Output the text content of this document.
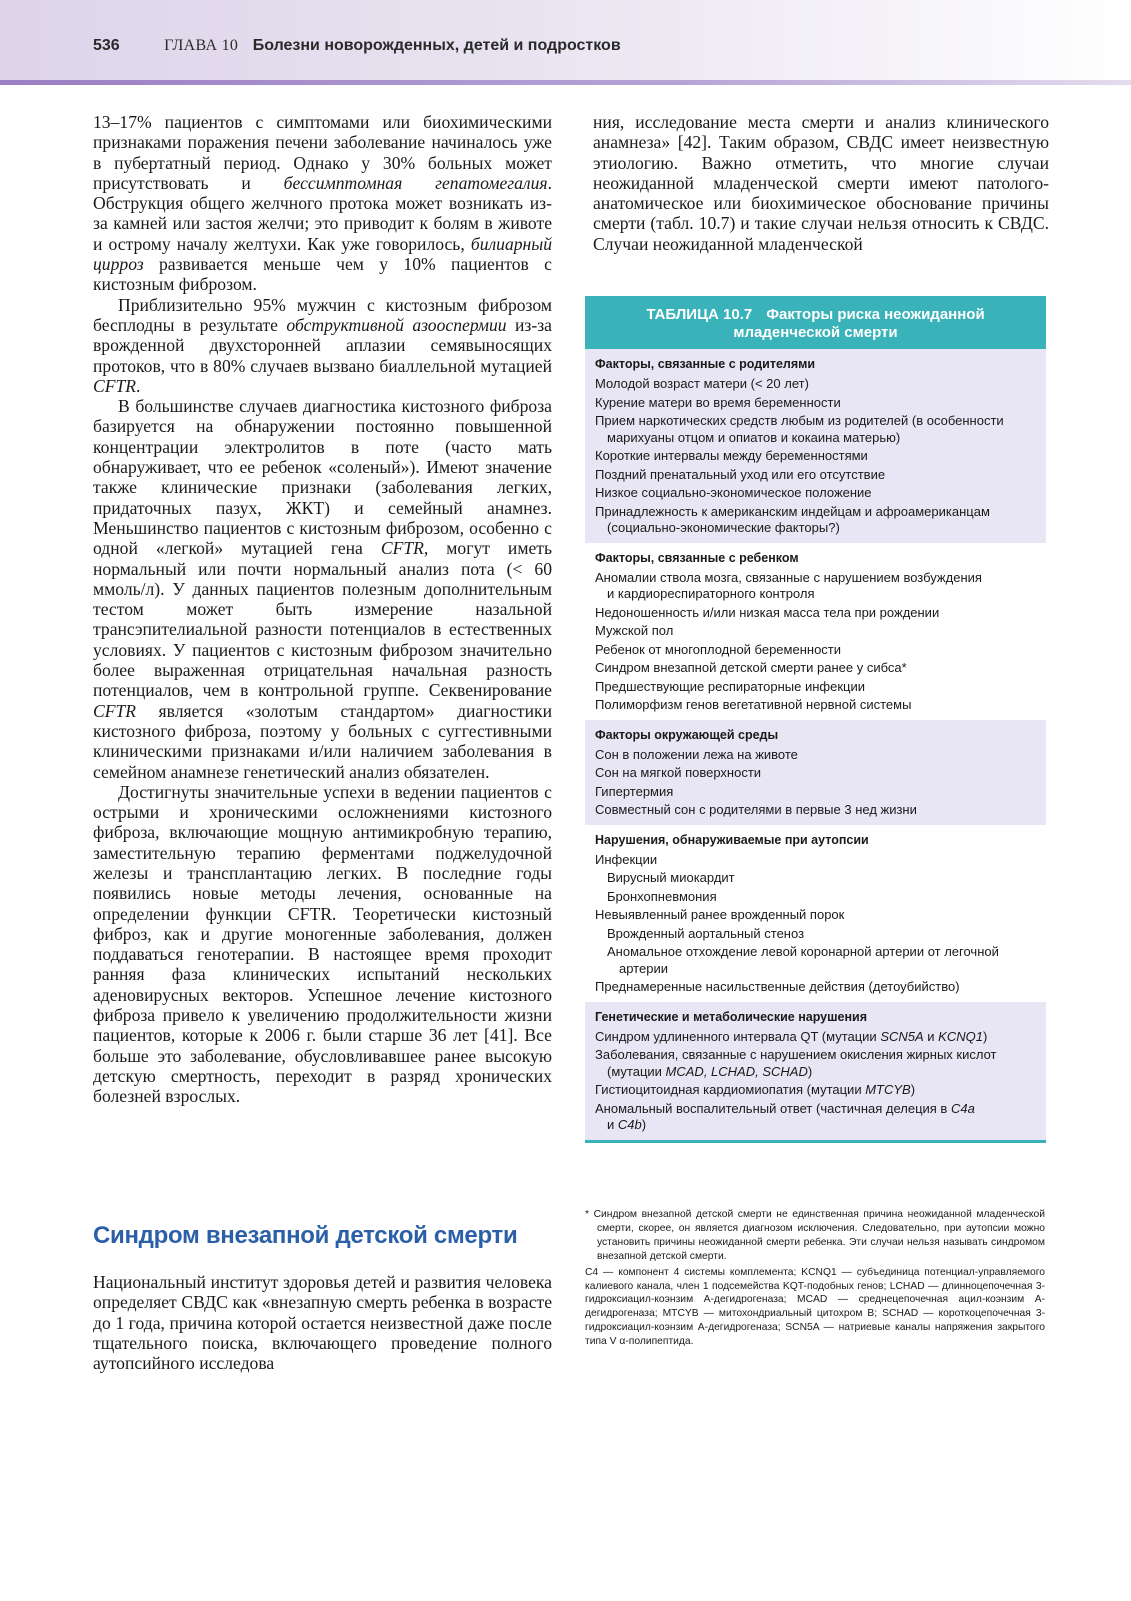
536	ГЛАВА 10 Болезни новорожденных, детей и подростков

13–17% пациентов с симптомами или биохимическими признаками поражения печени заболевание начиналось уже в пубертатный период. Однако у 30% больных может присутствовать и бессимптомная гепатомегалия. Обструкция общего желчного протока может возникать из-за камней или застоя желчи; это приводит к болям в животе и острому началу желтухи. Как уже говорилось, билиарный цирроз развивается меньше чем у 10% пациентов с кистозным фиброзом.

Приблизительно 95% мужчин с кистозным фиброзом бесплодны в результате обструктивной азооспермии из-за врожденной двухсторонней аплазии семявыносящих протоков, что в 80% случаев вызвано биаллельной мутацией CFTR.

В большинстве случаев диагностика кистозного фиброза базируется на обнаружении постоянно повышенной концентрации электролитов в поте (часто мать обнаруживает, что ее ребенок «соленый»). Имеют значение также клинические признаки (заболевания легких, придаточных пазух, ЖКТ) и семейный анамнез. Меньшинство пациентов с кистозным фиброзом, особенно с одной «легкой» мутацией гена CFTR, могут иметь нормальный или почти нормальный анализ пота (< 60 ммоль/л). У данных пациентов полезным дополнительным тестом может быть измерение назальной трансэпителиальной разности потенциалов в естественных условиях. У пациентов с кистозным фиброзом значительно более выраженная отрицательная начальная разность потенциалов, чем в контрольной группе. Секвенирование CFTR является «золотым стандартом» диагностики кистозного фиброза, поэтому у больных с суггестивными клиническими признаками и/или наличием заболевания в семейном анамнезе генетический анализ обязателен.

Достигнуты значительные успехи в ведении пациентов с острыми и хроническими осложнениями кистозного фиброза, включающие мощную антимикробную терапию, заместительную терапию ферментами поджелудочной железы и трансплантацию легких. В последние годы появились новые методы лечения, основанные на определении функции CFTR. Теоретически кистозный фиброз, как и другие моногенные заболевания, должен поддаваться генотерапии. В настоящее время проходит ранняя фаза клинических испытаний нескольких аденовирусных векторов. Успешное лечение кистозного фиброза привело к увеличению продолжительности жизни пациентов, которые к 2006 г. были старше 36 лет [41]. Все больше это заболевание, обусловливавшее ранее высокую детскую смертность, переходит в разряд хронических болезней взрослых.

Синдром внезапной детской смерти

Национальный институт здоровья детей и развития человека определяет СВДС как «внезапную смерть ребенка в возрасте до 1 года, причина которой остается неизвестной даже после тщательного поиска, включающего проведение полного аутопсийного исследова

ния, исследование места смерти и анализ клинического анамнеза» [42]. Таким образом, СВДС имеет неизвестную этиологию. Важно отметить, что многие случаи неожиданной младенческой смерти имеют патологоанатомическое или биохимическое обоснование причины смерти (табл. 10.7) и такие случаи нельзя относить к СВДС. Случаи неожиданной младенческой

ТАБЛИЦА 10.7 Факторы риска неожиданной младенческой смерти
Факторы, связанные с родителями
Молодой возраст матери (< 20 лет)
Курение матери во время беременности
Прием наркотических средств любым из родителей (в особенности
марихуаны отцом и опиатов и кокаина матерью)
Короткие интервалы между беременностями
Поздний пренатальный уход или его отсутствие
Низкое социально-экономическое положение
Принадлежность к американским индейцам и афроамериканцам
(социально-экономические факторы?)
Факторы, связанные с ребенком
Аномалии ствола мозга, связанные с нарушением возбуждения
и кардиореспираторного контроля
Недоношенность и/или низкая масса тела при рождении
Мужской пол
Ребенок от многоплодной беременности
Синдром внезапной детской смерти ранее у сибса*
Предшествующие респираторные инфекции
Полиморфизм генов вегетативной нервной системы
Факторы окружающей среды
Сон в положении лежа на животе
Сон на мягкой поверхности
Гипертермия
Совместный сон с родителями в первые 3 нед жизни
Нарушения, обнаруживаемые при аутопсии
Инфекции
Вирусный миокардит
Бронхопневмония
Невыявленный ранее врожденный порок
Врожденный аортальный стеноз
Аномальное отхождение левой коронарной артерии от легочной
артерии
Преднамеренные насильственные действия (детоубийство)
Генетические и метаболические нарушения
Синдром удлиненного интервала QT (мутации SCN5A и KCNQ1)
Заболевания, связанные с нарушением окисления жирных кислот
(мутации MCAD, LCHAD, SCHAD)
Гистиоцитоидная кардиомиопатия (мутации MTCYB)
Аномальный воспалительный ответ (частичная делеция в C4a
и C4b)
* Синдром внезапной детской смерти не единственная причина неожиданной младенческой смерти, скорее, он является диагнозом исключения. Следовательно, при аутопсии можно установить причины неожиданной смерти ребенка. Эти случаи нельзя называть синдромом внезапной детской смерти.
C4 — компонент 4 системы комплемента; KCNQ1 — субъединица потенциал-управляемого калиевого канала, член 1 подсемейства KQT-подобных генов; LCHAD — длинноцепочечная 3-гидроксиацил-коэнзим А-дегидрогеназа; MCAD — среднецепочечная ацил-коэнзим А-дегидрогеназа; MTCYB — митохондриальный цитохром B; SCHAD — короткоцепочечная 3-гидроксиацил-коэнзим А-дегидрогеназа; SCN5A — натриевые каналы напряжения закрытого типа V α-полипептида.
